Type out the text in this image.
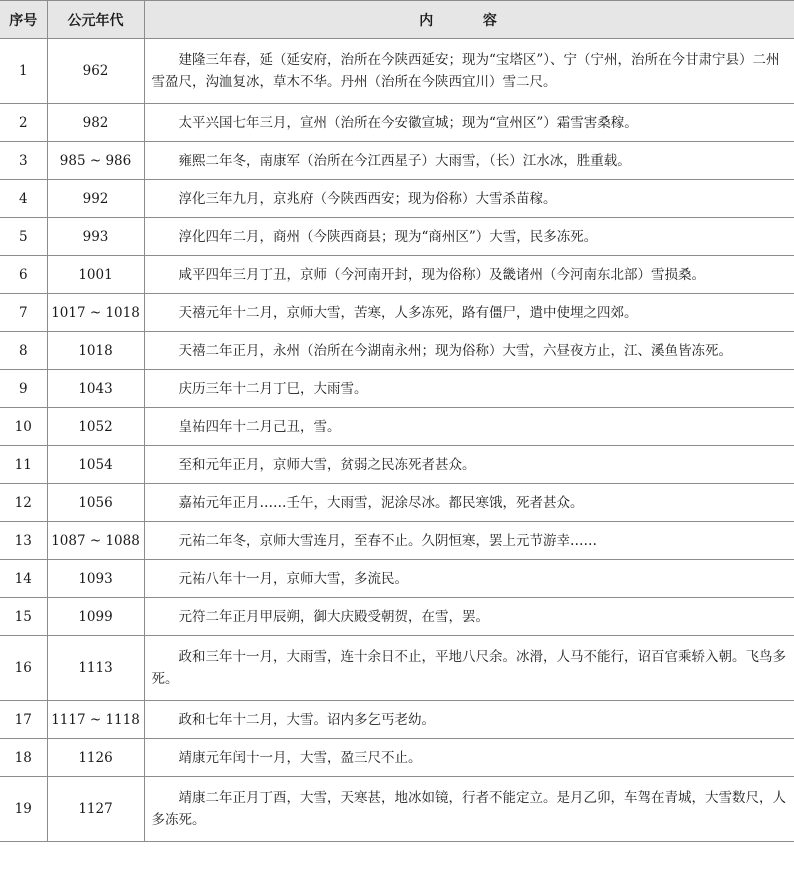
序号	公元年代	内 容
1	962	建隆三年春，延（延安府，治所在今陕西延安；现为“宝塔区”）、宁（宁州，治所在今甘肃宁县）二州雪盈尺，沟洫复冰，草木不华。丹州（治所在今陕西宜川）雪二尺。
2	982	太平兴国七年三月，宣州（治所在今安徽宣城；现为“宣州区”）霜雪害桑稼。
3	985 ~ 986	雍熙二年冬，南康军（治所在今江西星子）大雨雪，（长）江水冰，胜重载。
4	992	淳化三年九月，京兆府（今陕西西安；现为俗称）大雪杀苗稼。
5	993	淳化四年二月，商州（今陕西商县；现为“商州区”）大雪，民多冻死。
6	1001	咸平四年三月丁丑，京师（今河南开封，现为俗称）及畿诸州（今河南东北部）雪损桑。
7	1017 ~ 1018	天禧元年十二月，京师大雪，苦寒，人多冻死，路有僵尸，遣中使埋之四郊。
8	1018	天禧二年正月，永州（治所在今湖南永州；现为俗称）大雪，六昼夜方止，江、溪鱼皆冻死。
9	1043	庆历三年十二月丁巳，大雨雪。
10	1052	皇祐四年十二月己丑，雪。
11	1054	至和元年正月，京师大雪，贫弱之民冻死者甚众。
12	1056	嘉祐元年正月……壬午，大雨雪，泥涂尽冰。都民寒饿，死者甚众。
13	1087 ~ 1088	元祐二年冬，京师大雪连月，至春不止。久阴恒寒，罢上元节游幸……
14	1093	元祐八年十一月，京师大雪，多流民。
15	1099	元符二年正月甲辰朔，御大庆殿受朝贺，在雪，罢。
16	1113	政和三年十一月，大雨雪，连十余日不止，平地八尺余。冰滑，人马不能行，诏百官乘轿入朝。飞鸟多死。
17	1117 ~ 1118	政和七年十二月，大雪。诏内多乞丐老幼。
18	1126	靖康元年闰十一月，大雪，盈三尺不止。
19	1127	靖康二年正月丁酉，大雪，天寒甚，地冰如镜，行者不能定立。是月乙卯，车驾在青城，大雪数尺，人多冻死。
